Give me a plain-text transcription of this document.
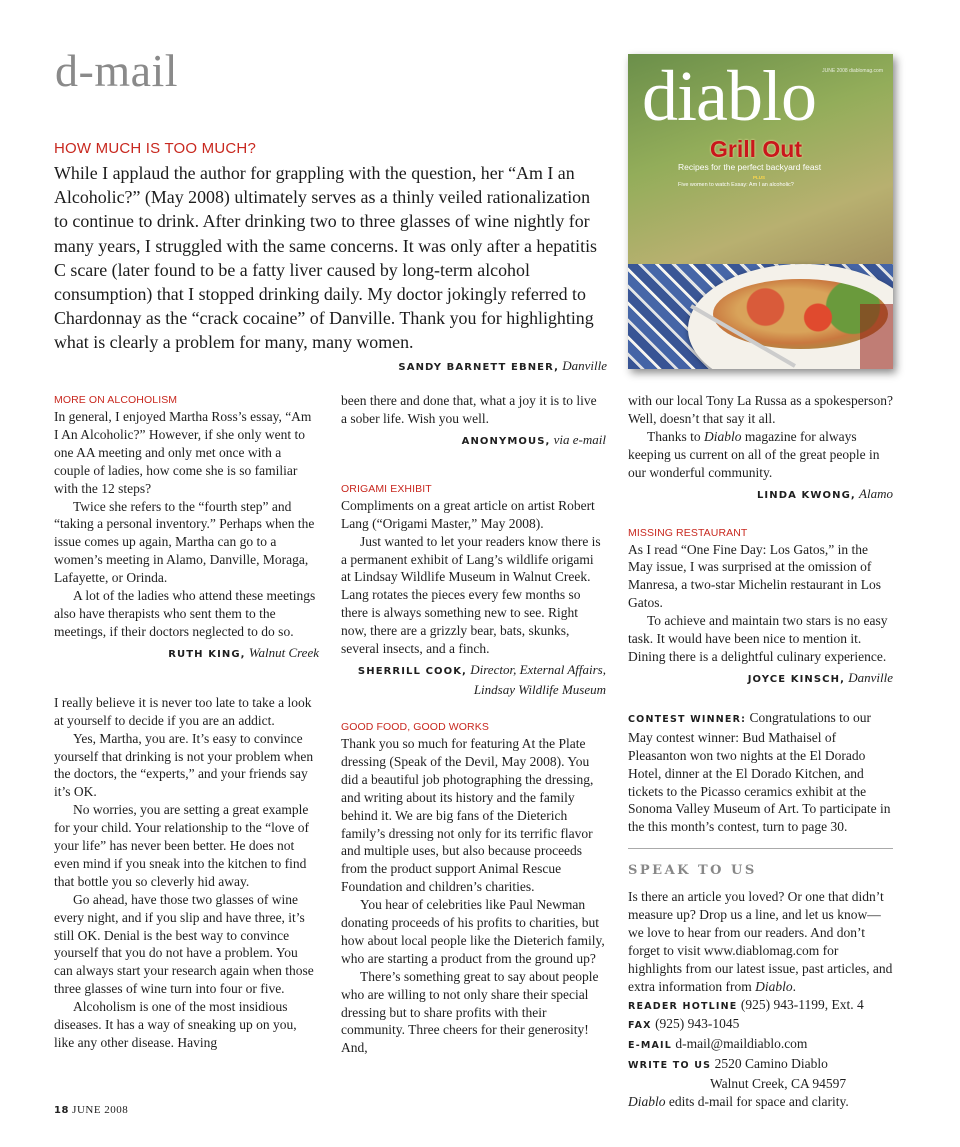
d-mail
HOW MUCH IS TOO MUCH?
While I applaud the author for grappling with the question, her “Am I an Alcoholic?” (May 2008) ultimately serves as a thinly veiled rationalization to continue to drink. After drinking two to three glasses of wine nightly for many years, I struggled with the same concerns. It was only after a hepatitis C scare (later found to be a fatty liver caused by long-term alcohol consumption) that I stopped drinking daily. My doctor jokingly referred to Chardonnay as the “crack cocaine” of Danville. Thank you for highlighting what is clearly a problem for many, many women.
SANDY BARNETT EBNER, Danville
diablo JUNE 2008 diablomag.com
Grill Out
Recipes for the perfect backyard feast
PLUS
Five women to watch Essay: Am I an alcoholic?
MORE ON ALCOHOLISM

In general, I enjoyed Martha Ross’s essay, “Am I An Alcoholic?” However, if she only went to one AA meeting and only met once with a couple of ladies, how come she is so familiar with the 12 steps?

Twice she refers to the “fourth step” and “taking a personal inventory.” Perhaps when the issue comes up again, Martha can go to a women’s meeting in Alamo, Danville, Moraga, Lafayette, or Orinda.

A lot of the ladies who attend these meetings also have therapists who sent them to the meetings, if their doctors neglected to do so.

RUTH KING, Walnut Creek

I really believe it is never too late to take a look at yourself to decide if you are an addict.

Yes, Martha, you are. It’s easy to convince yourself that drinking is not your problem when the doctors, the “experts,” and your friends say it’s OK.

No worries, you are setting a great example for your child. Your relationship to the “love of your life” has never been better. He does not even mind if you sneak into the kitchen to find that bottle you so cleverly hid away.

Go ahead, have those two glasses of wine every night, and if you slip and have three, it’s still OK. Denial is the best way to convince yourself that you do not have a problem. You can always start your research again when those three glasses of wine turn into four or five.

Alcoholism is one of the most insidious diseases. It has a way of sneaking up on you, like any other disease. Having

been there and done that, what a joy it is to live a sober life. Wish you well.

ANONYMOUS, via e-mail
ORIGAMI EXHIBIT

Compliments on a great article on artist Robert Lang (“Origami Master,” May 2008).

Just wanted to let your readers know there is a permanent exhibit of Lang’s wildlife origami at Lindsay Wildlife Museum in Walnut Creek. Lang rotates the pieces every few months so there is always something new to see. Right now, there are a grizzly bear, bats, skunks, several insects, and a finch.

SHERRILL COOK, Director, External Affairs,
Lindsay Wildlife Museum
GOOD FOOD, GOOD WORKS

Thank you so much for featuring At the Plate dressing (Speak of the Devil, May 2008). You did a beautiful job photographing the dressing, and writing about its history and the family behind it. We are big fans of the Dieterich family’s dressing not only for its terrific flavor and multiple uses, but also because proceeds from the product support Animal Rescue Foundation and children’s charities.

You hear of celebrities like Paul Newman donating proceeds of his profits to charities, but how about local people like the Dieterich family, who are starting a product from the ground up?

There’s something great to say about people who are willing to not only share their special dressing but to share profits with their community. Three cheers for their generosity! And,

with our local Tony La Russa as a spokesperson? Well, doesn’t that say it all.

Thanks to Diablo magazine for always keeping us current on all of the great people in our wonderful community.

LINDA KWONG, Alamo
MISSING RESTAURANT

As I read “One Fine Day: Los Gatos,” in the May issue, I was surprised at the omission of Manresa, a two-star Michelin restaurant in Los Gatos.

To achieve and maintain two stars is no easy task. It would have been nice to mention it. Dining there is a delightful culinary experience.

JOYCE KINSCH, Danville

CONTEST WINNER: Congratulations to our May contest winner: Bud Mathaisel of Pleasanton won two nights at the El Dorado Hotel, dinner at the El Dorado Kitchen, and tickets to the Picasso ceramics exhibit at the Sonoma Valley Museum of Art. To participate in the this month’s contest, turn to page 30.

SPEAK TO US

Is there an article you loved? Or one that didn’t measure up? Drop us a line, and let us know—we love to hear from our readers. And don’t forget to visit www.diablomag.com for highlights from our latest issue, past articles, and extra information from Diablo.

READER HOTLINE (925) 943-1199, Ext. 4

FAX (925) 943-1045

E-MAIL d-mail@maildiablo.com

WRITE TO US 2520 Camino Diablo

Walnut Creek, CA 94597

Diablo edits d-mail for space and clarity.

18 JUNE 2008
